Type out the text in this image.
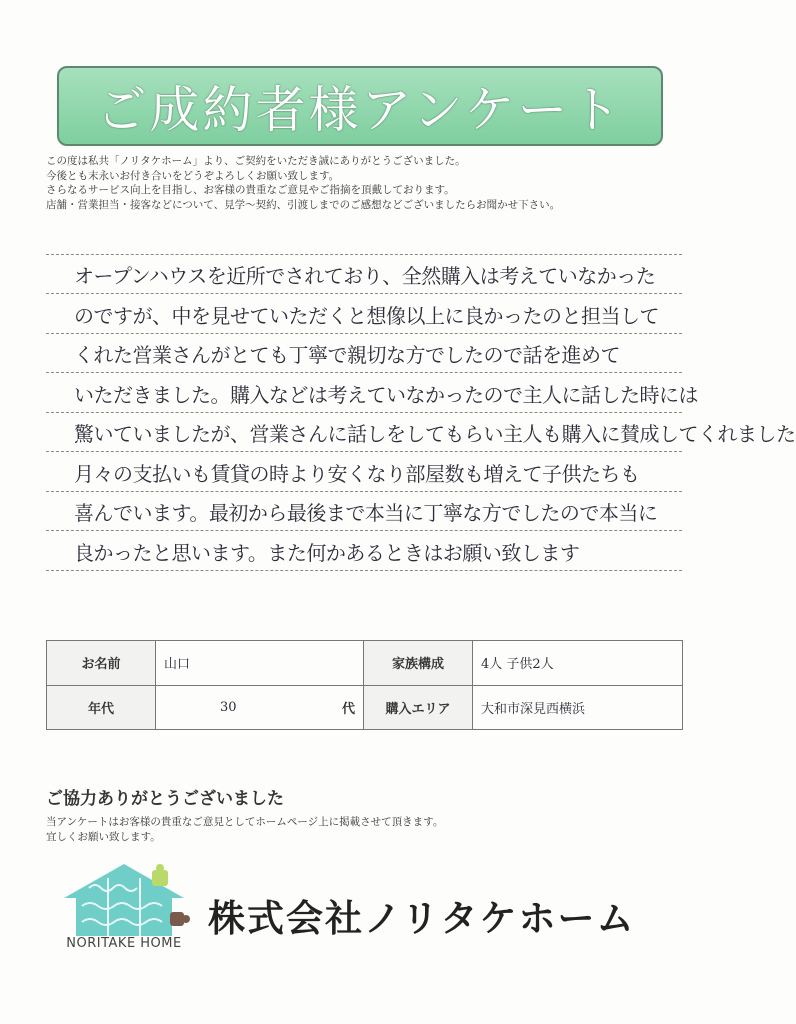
ご成約者様アンケート
この度は私共「ノリタケホーム」より、ご契約をいただき誠にありがとうございました。
今後とも末永いお付き合いをどうぞよろしくお願い致します。
さらなるサービス向上を目指し、お客様の貴重なご意見やご指摘を頂戴しております。
店舗・営業担当・接客などについて、見学～契約、引渡しまでのご感想などございましたらお聞かせ下さい。
オープンハウスを近所でされており、全然購入は考えていなかった
のですが、中を見せていただくと想像以上に良かったのと担当して
くれた営業さんがとても丁寧で親切な方でしたので話を進めて
いただきました。購入などは考えていなかったので主人に話した時には
驚いていましたが、営業さんに話しをしてもらい主人も購入に賛成してくれました
月々の支払いも賃貸の時より安くなり部屋数も増えて子供たちも
喜んでいます。最初から最後まで本当に丁寧な方でしたので本当に
良かったと思います。また何かあるときはお願い致します
お名前	山口	家族構成	4人 子供2人
年代	30 代	購入エリア	大和市深見西横浜
ご協力ありがとうございました
当アンケートはお客様の貴重なご意見としてホームページ上に掲載させて頂きます。
宜しくお願い致します。
NORITAKE HOME
株式会社ノリタケホーム
